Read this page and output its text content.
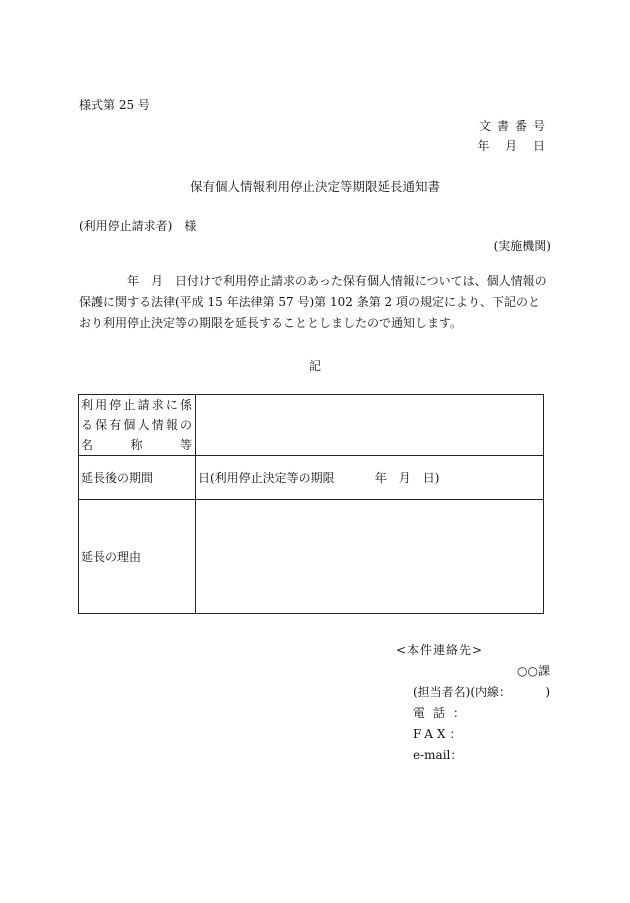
様式第 25 号
文書番号
年 月 日
保有個人情報利用停止決定等期限延長通知書
(利用停止請求者)　様
(実施機関)

年　月　日付けで利用停止請求のあった保有個人情報については、個人情報の保護に関する法律(平成 15 年法律第 57 号)第 102 条第 2 項の規定により、下記のとおり利用停止決定等の期限を延長することとしましたので通知します。

記
利用停止請求に係る保有個人情報の名称等	

延長後の期間	日(利用停止決定等の期限 年　月　日)
延長の理由	
<本件連絡先>
○○課
(担当者名)(内線：	)
電話：
FAX：
e-mail：
